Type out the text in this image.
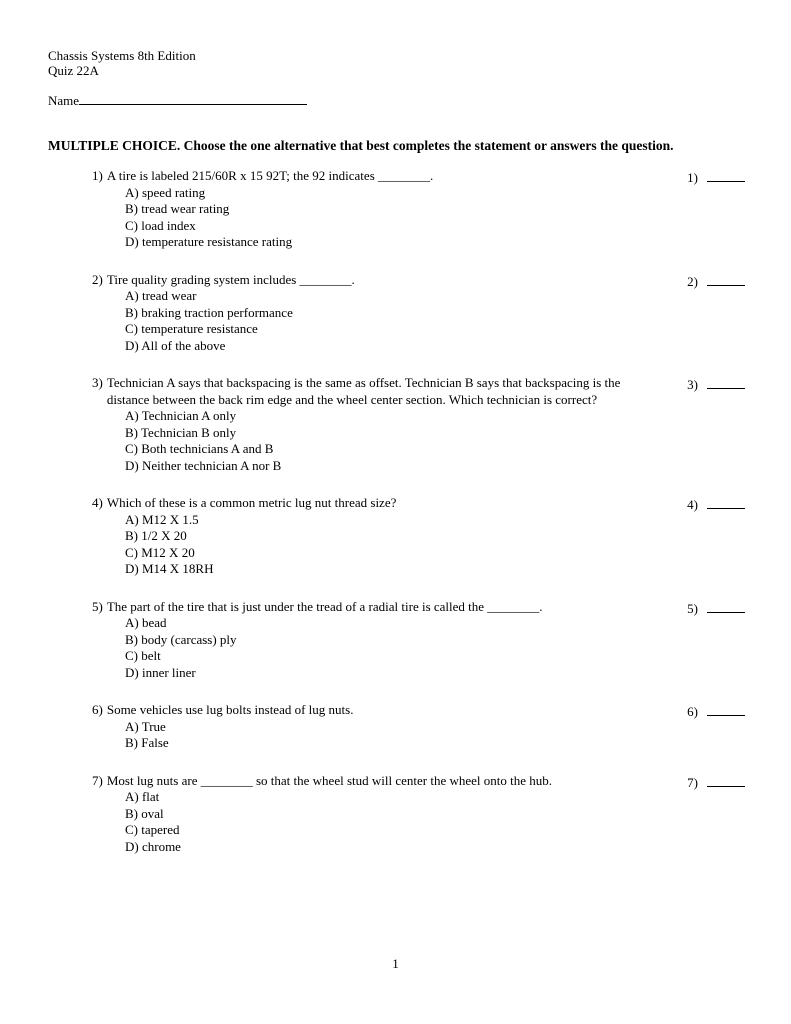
Chassis Systems 8th Edition
Quiz 22A
Name
MULTIPLE CHOICE. Choose the one alternative that best completes the statement or answers the question.
1) A tire is labeled 215/60R x 15 92T; the 92 indicates ________.
A) speed rating
B) tread wear rating
C) load index
D) temperature resistance rating
1)
2) Tire quality grading system includes ________.
A) tread wear
B) braking traction performance
C) temperature resistance
D) All of the above
2)
3) Technician A says that backspacing is the same as offset. Technician B says that backspacing is the distance between the back rim edge and the wheel center section. Which technician is correct?
A) Technician A only
B) Technician B only
C) Both technicians A and B
D) Neither technician A nor B
3)
4) Which of these is a common metric lug nut thread size?
A) M12 X 1.5
B) 1/2 X 20
C) M12 X 20
D) M14 X 18RH
4)
5) The part of the tire that is just under the tread of a radial tire is called the ________.
A) bead
B) body (carcass) ply
C) belt
D) inner liner
5)
6) Some vehicles use lug bolts instead of lug nuts.
A) True
B) False
6)
7) Most lug nuts are ________ so that the wheel stud will center the wheel onto the hub.
A) flat
B) oval
C) tapered
D) chrome
7)
1
